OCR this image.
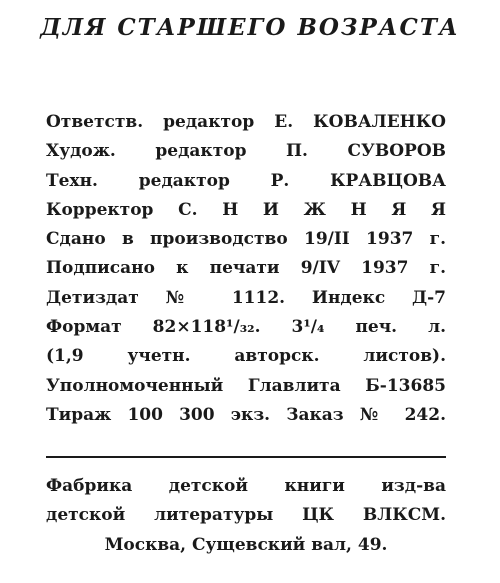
ДЛЯ СТАРШЕГО ВОЗРАСТА
Ответств. редактор Е. КОВАЛЕНКО
Худож. редактор П. СУВОРОВ
Техн. редактор Р. КРАВЦОВА
Корректор С. Н И Ж Н Я Я
Сдано в производство 19/II 1937 г.
Подписано к печати 9/IV 1937 г.
Детиздат № 1112. Индекс Д-7
Формат 82×118¹/₃₂. 3¹/₄ печ. л.
(1,9 учетн. авторск. листов).
Уполномоченный Главлита Б-13685
Тираж 100 300 экз. Заказ № 242.
Фабрика детской книги изд-ва
детской литературы ЦК ВЛКСМ.
Москва, Сущевский вал, 49.
